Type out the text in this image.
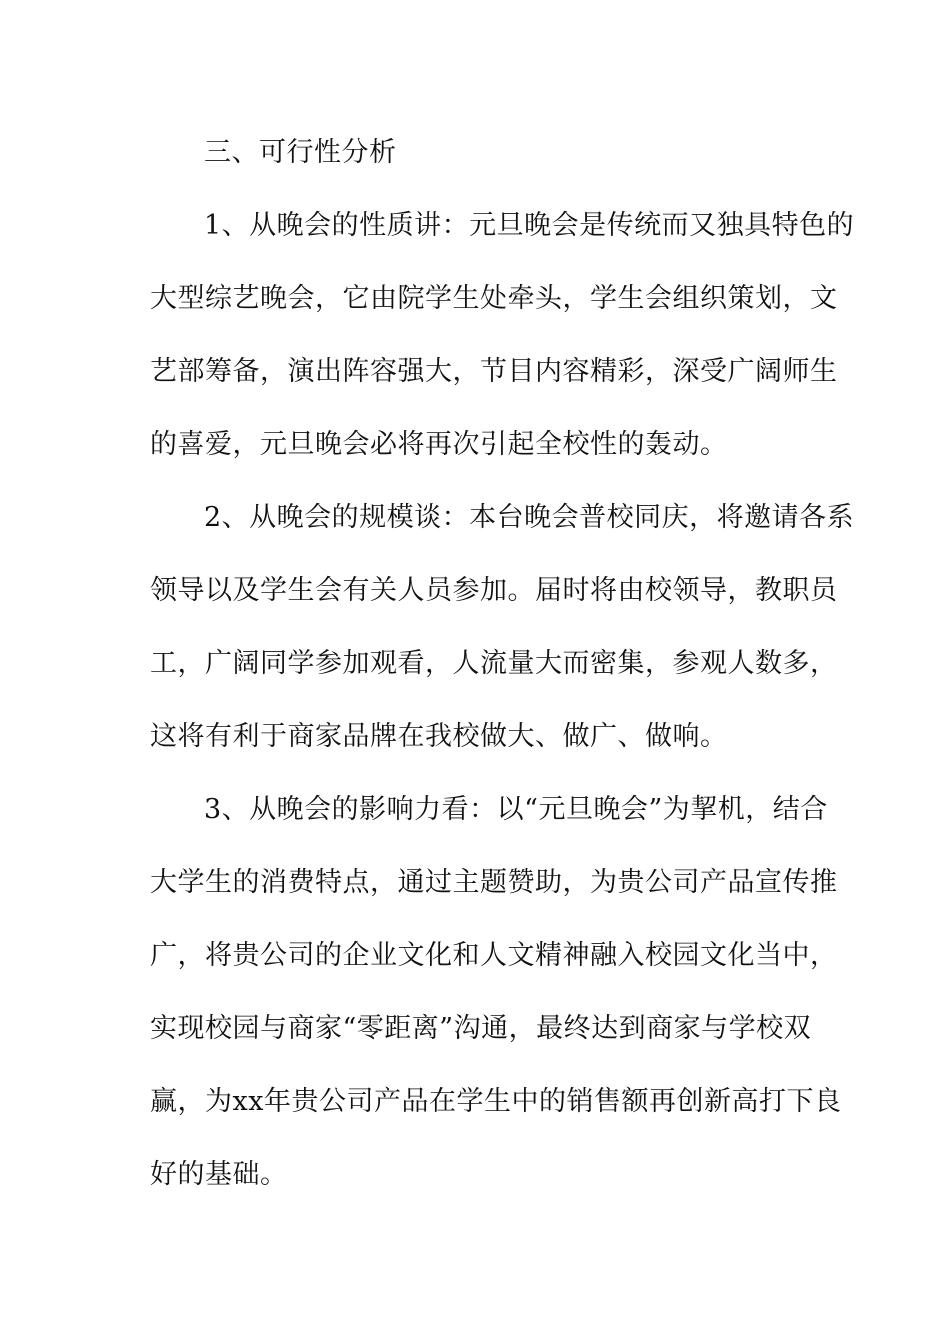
三、可行性分析
1、从晚会的性质讲：元旦晚会是传统而又独具特色的
大型综艺晚会，它由院学生处牵头，学生会组织策划，文
艺部筹备，演出阵容强大，节目内容精彩，深受广阔师生
的喜爱，元旦晚会必将再次引起全校性的轰动。
2、从晚会的规模谈：本台晚会普校同庆，将邀请各系
领导以及学生会有关人员参加。届时将由校领导，教职员
工，广阔同学参加观看，人流量大而密集，参观人数多，
这将有利于商家品牌在我校做大、做广、做响。
3、从晚会的影响力看：以“元旦晚会”为挈机，结合
大学生的消费特点，通过主题赞助，为贵公司产品宣传推
广，将贵公司的企业文化和人文精神融入校园文化当中，
实现校园与商家“零距离”沟通，最终达到商家与学校双
赢，为xx年贵公司产品在学生中的销售额再创新高打下良
好的基础。
